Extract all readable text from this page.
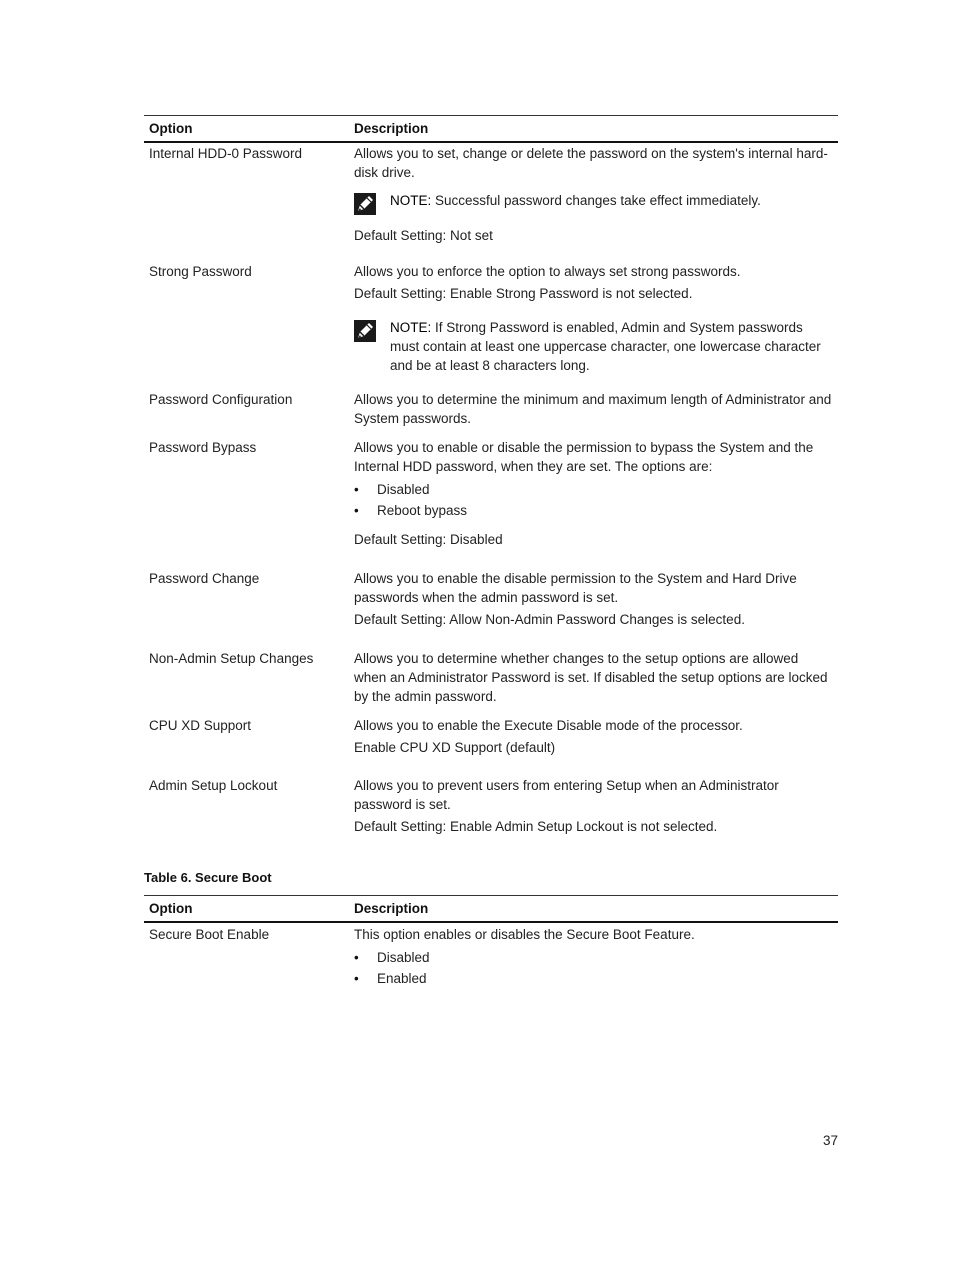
Option	Description
Internal HDD-0 Password	Allows you to set, change or delete the password on the system's internal hard-disk drive.

NOTE: Successful password changes take effect immediately.

Default Setting: Not set

Strong Password	Allows you to enforce the option to always set strong passwords.

Default Setting: Enable Strong Password is not selected.

NOTE: If Strong Password is enabled, Admin and System passwords must contain at least one uppercase character, one lowercase character and be at least 8 characters long.

Password Configuration	Allows you to determine the minimum and maximum length of Administrator and System passwords.

Password Bypass	Allows you to enable or disable the permission to bypass the System and the Internal HDD password, when they are set. The options are:

• Disabled
• Reboot bypass

Default Setting: Disabled

Password Change	Allows you to enable the disable permission to the System and Hard Drive passwords when the admin password is set.

Default Setting: Allow Non-Admin Password Changes is selected.

Non-Admin Setup Changes	Allows you to determine whether changes to the setup options are allowed when an Administrator Password is set. If disabled the setup options are locked by the admin password.

CPU XD Support	Allows you to enable the Execute Disable mode of the processor.

Enable CPU XD Support (default)

Admin Setup Lockout	Allows you to prevent users from entering Setup when an Administrator password is set.

Default Setting: Enable Admin Setup Lockout is not selected.

Table 6. Secure Boot
Option	Description
Secure Boot Enable	This option enables or disables the Secure Boot Feature.

• Disabled
• Enabled
37
